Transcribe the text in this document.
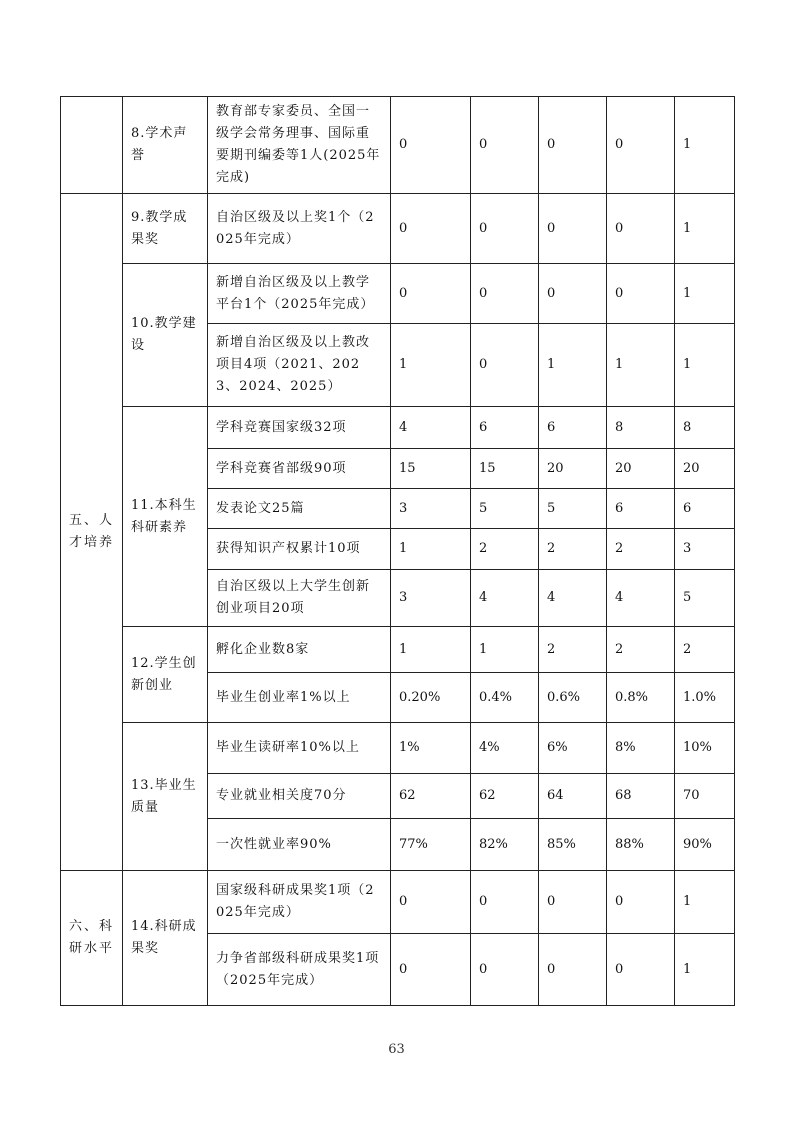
	8.学术声誉	教育部专家委员、全国一级学会常务理事、国际重要期刊编委等1人(2025年完成)	0	0	0	0	1
五、人才培养	9.教学成果奖	自治区级及以上奖1个（2025年完成）	0	0	0	0	1
	10.教学建设	新增自治区级及以上教学平台1个（2025年完成）	0	0	0	0	1
		新增自治区级及以上教改项目4项（2021、2023、2024、2025）	1	0	1	1	1
	11.本科生科研素养	学科竞赛国家级32项	4	6	6	8	8
		学科竞赛省部级90项	15	15	20	20	20
		发表论文25篇	3	5	5	6	6
		获得知识产权累计10项	1	2	2	2	3
		自治区级以上大学生创新创业项目20项	3	4	4	4	5
	12.学生创新创业	孵化企业数8家	1	1	2	2	2
		毕业生创业率1%以上	0.20%	0.4%	0.6%	0.8%	1.0%
	13.毕业生质量	毕业生读研率10%以上	1%	4%	6%	8%	10%
		专业就业相关度70分	62	62	64	68	70
		一次性就业率90%	77%	82%	85%	88%	90%
六、科研水平	14.科研成果奖	国家级科研成果奖1项（2025年完成）	0	0	0	0	1
		力争省部级科研成果奖1项（2025年完成）	0	0	0	0	1
63
